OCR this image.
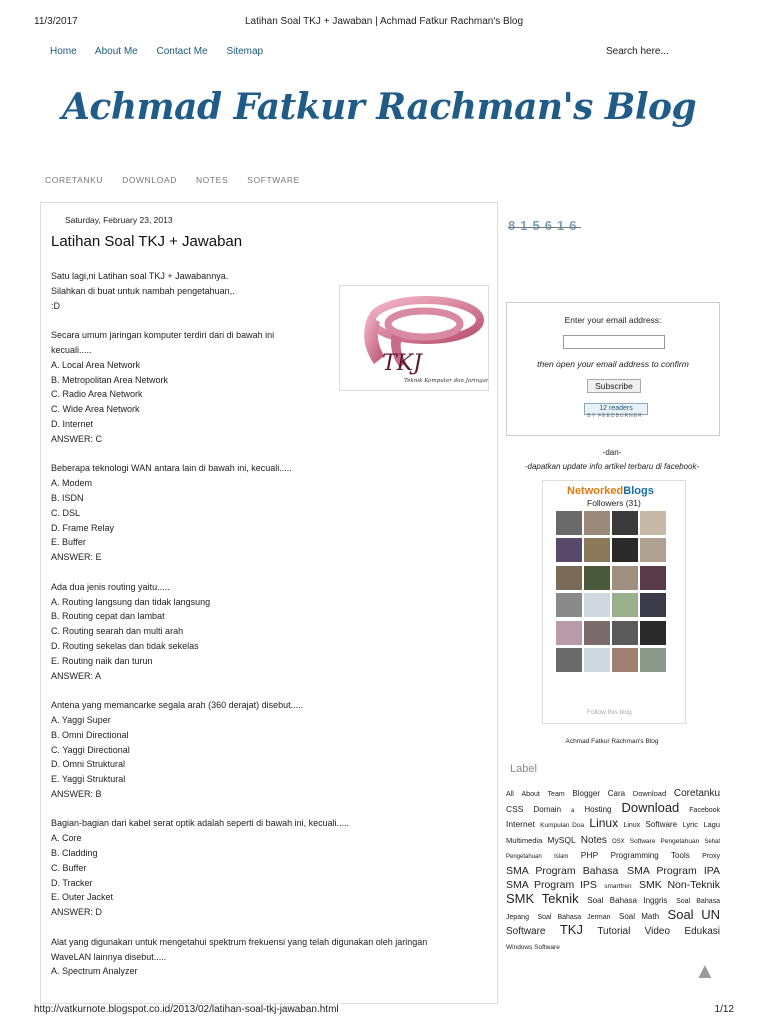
11/3/2017	Latihan Soal TKJ + Jawaban | Achmad Fatkur Rachman's Blog
Home About Me Contact Me Sitemap	Search here...
Achmad Fatkur Rachman's Blog
CORETANKU DOWNLOAD NOTES SOFTWARE
Saturday, February 23, 2013
Latihan Soal TKJ + Jawaban
Satu lagi,ni Latihan soal TKJ + Jawabannya.
Silahkan di buat untuk nambah pengetahuan,.
:D
Secara umum jaringan komputer terdiri dari di bawah ini
kecuali.....
A. Local Area Network
B. Metropolitan Area Network
C. Radio Area Network
C. Wide Area Network
D. Internet
ANSWER: C
Beberapa teknologi WAN antara lain di bawah ini, kecuali.....
A. Modem
B. ISDN
C. DSL
D. Frame Relay
E. Buffer
ANSWER: E
Ada dua jenis routing yaitu.....
A. Routing langsung dan tidak langsung
B. Routing cepat dan lambat
C. Routing searah dan multi arah
D. Routing sekelas dan tidak sekelas
E. Routing naik dan turun
ANSWER: A
Antena yang memancarke segala arah (360 derajat) disebut.....
A. Yaggi Super
B. Omni Directional
C. Yaggi Directional
D. Omni Struktural
E. Yaggi Struktural
ANSWER: B
Bagian-bagian dari kabel serat optik adalah seperti di bawah ini, kecuali.....
A. Core
B. Cladding
C. Buffer
D. Tracker
E. Outer Jacket
ANSWER: D
Alat yang digunakan untuk mengetahui spektrum frekuensi yang telah digunakan oleh jaringan
WaveLAN lainnya disebut.....
A. Spectrum Analyzer
TKJ
Teknik Komputer dan Jaringan
815616
Enter your email address:
then open your email address to confirm
Subscribe
12 readers
BY FEEDBURNER
-dan-
-dapatkan update info artikel terbaru di facebook-
NetworkedBlogs
Followers (31)
Follow this blog
Achmad Fatkur Rachman's Blog
Label
All About Team Blogger Cara Download Coretanku CSS Domain a Hosting Download Facebook Internet Kumpulan Doa Linux Linux Software Lyric Lagu Multimedia MySQL Notes OSX Software Pengetahuan Sehat Pengetahuan Islam PHP Programming Tools Proxy SMA Program Bahasa SMA Program IPA SMA Program IPS smartfren SMK Non-Teknik SMK Teknik Soal Bahasa Inggris Soal Bahasa Jepang Soal Bahasa Jerman Soal Math Soal UN Software TKJ Tutorial Video Edukasi Windows Software
▲
http://vatkurnote.blogspot.co.id/2013/02/latihan-soal-tkj-jawaban.html	1/12
